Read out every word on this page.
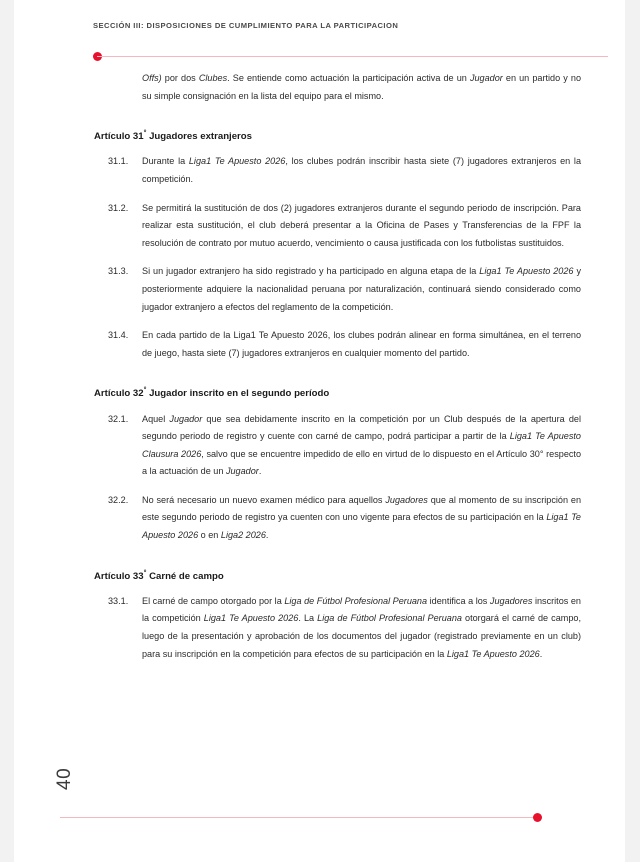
SECCIÓN III: DISPOSICIONES DE CUMPLIMIENTO PARA LA PARTICIPACION

Offs) por dos Clubes. Se entiende como actuación la participación activa de un Jugador en un partido y no su simple consignación en la lista del equipo para el mismo.

Artículo 31° Jugadores extranjeros

31.1. Durante la Liga1 Te Apuesto 2026, los clubes podrán inscribir hasta siete (7) jugadores extranjeros en la competición.

31.2. Se permitirá la sustitución de dos (2) jugadores extranjeros durante el segundo periodo de inscripción. Para realizar esta sustitución, el club deberá presentar a la Oficina de Pases y Transferencias de la FPF la resolución de contrato por mutuo acuerdo, vencimiento o causa justificada con los futbolistas sustituidos.

31.3. Si un jugador extranjero ha sido registrado y ha participado en alguna etapa de la Liga1 Te Apuesto 2026 y posteriormente adquiere la nacionalidad peruana por naturalización, continuará siendo considerado como jugador extranjero a efectos del reglamento de la competición.

31.4. En cada partido de la Liga1 Te Apuesto 2026, los clubes podrán alinear en forma simultánea, en el terreno de juego, hasta siete (7) jugadores extranjeros en cualquier momento del partido.

Artículo 32° Jugador inscrito en el segundo período

32.1. Aquel Jugador que sea debidamente inscrito en la competición por un Club después de la apertura del segundo periodo de registro y cuente con carné de campo, podrá participar a partir de la Liga1 Te Apuesto Clausura 2026, salvo que se encuentre impedido de ello en virtud de lo dispuesto en el Artículo 30° respecto a la actuación de un Jugador.

32.2. No será necesario un nuevo examen médico para aquellos Jugadores que al momento de su inscripción en este segundo periodo de registro ya cuenten con uno vigente para efectos de su participación en la Liga1 Te Apuesto 2026 o en Liga2 2026.

Artículo 33° Carné de campo

33.1. El carné de campo otorgado por la Liga de Fútbol Profesional Peruana identifica a los Jugadores inscritos en la competición Liga1 Te Apuesto 2026. La Liga de Fútbol Profesional Peruana otorgará el carné de campo, luego de la presentación y aprobación de los documentos del jugador (registrado previamente en un club) para su inscripción en la competición para efectos de su participación en la Liga1 Te Apuesto 2026.

40
